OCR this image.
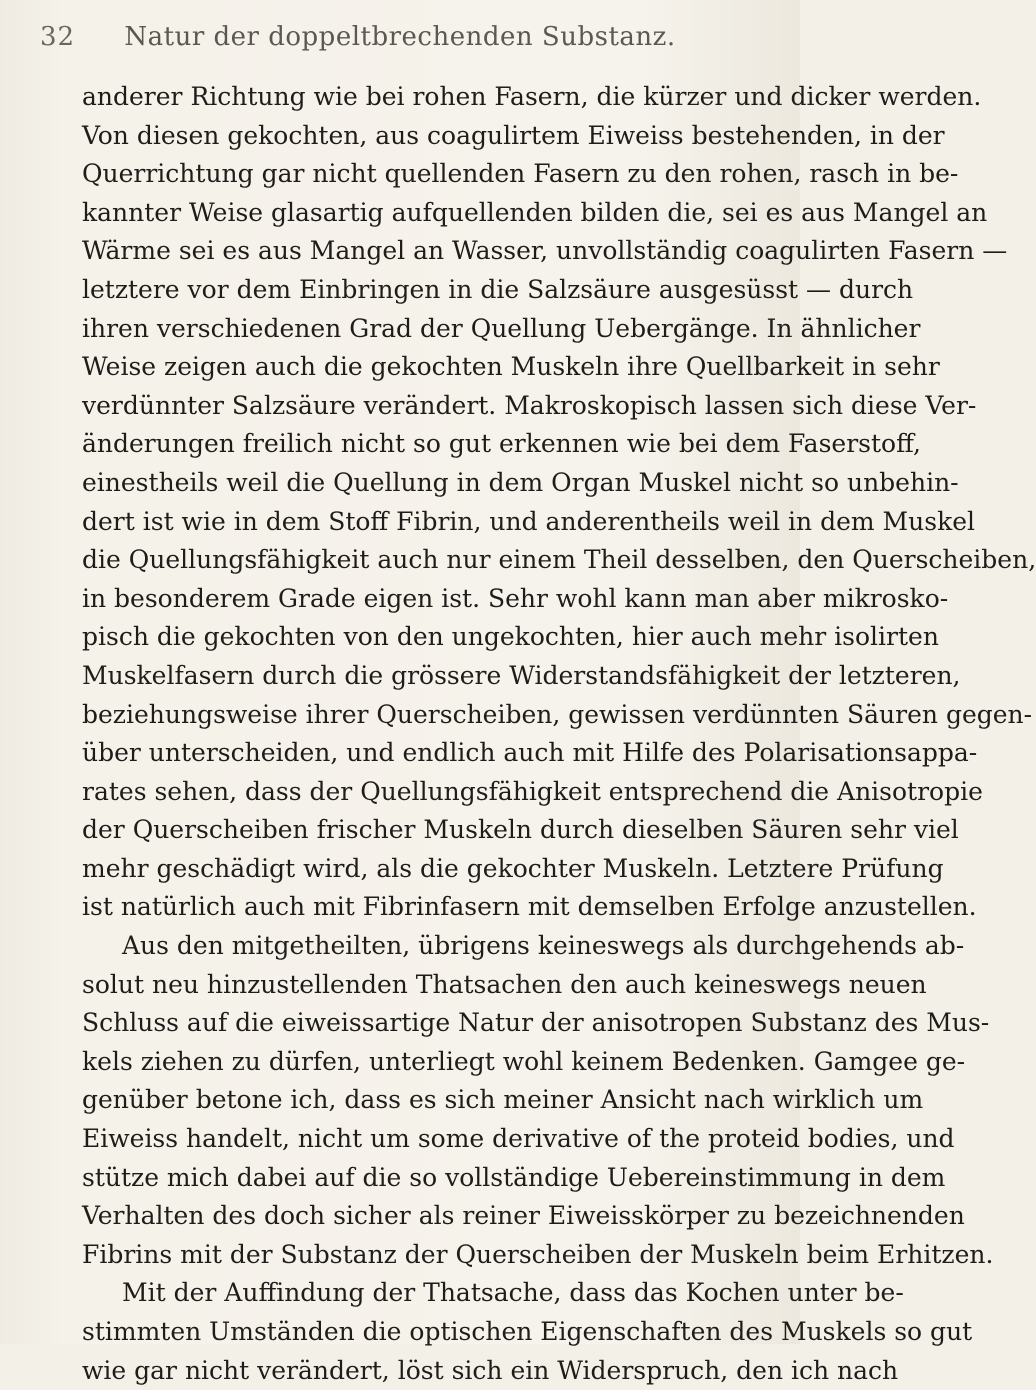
32	Natur der doppeltbrechenden Substanz.
anderer Richtung wie bei rohen Fasern, die kürzer und dicker werden.
Von diesen gekochten, aus coagulirtem Eiweiss bestehenden, in der
Querrichtung gar nicht quellenden Fasern zu den rohen, rasch in be-
kannter Weise glasartig aufquellenden bilden die, sei es aus Mangel an
Wärme sei es aus Mangel an Wasser, unvollständig coagulirten Fasern —
letztere vor dem Einbringen in die Salzsäure ausgesüsst — durch
ihren verschiedenen Grad der Quellung Uebergänge. In ähnlicher
Weise zeigen auch die gekochten Muskeln ihre Quellbarkeit in sehr
verdünnter Salzsäure verändert. Makroskopisch lassen sich diese Ver-
änderungen freilich nicht so gut erkennen wie bei dem Faserstoff,
einestheils weil die Quellung in dem Organ Muskel nicht so unbehin-
dert ist wie in dem Stoff Fibrin, und anderentheils weil in dem Muskel
die Quellungsfähigkeit auch nur einem Theil desselben, den Querscheiben,
in besonderem Grade eigen ist. Sehr wohl kann man aber mikrosko-
pisch die gekochten von den ungekochten, hier auch mehr isolirten
Muskelfasern durch die grössere Widerstandsfähigkeit der letzteren,
beziehungsweise ihrer Querscheiben, gewissen verdünnten Säuren gegen-
über unterscheiden, und endlich auch mit Hilfe des Polarisationsappa-
rates sehen, dass der Quellungsfähigkeit entsprechend die Anisotropie
der Querscheiben frischer Muskeln durch dieselben Säuren sehr viel
mehr geschädigt wird, als die gekochter Muskeln. Letztere Prüfung
ist natürlich auch mit Fibrinfasern mit demselben Erfolge anzustellen.
Aus den mitgetheilten, übrigens keineswegs als durchgehends ab-
solut neu hinzustellenden Thatsachen den auch keineswegs neuen
Schluss auf die eiweissartige Natur der anisotropen Substanz des Mus-
kels ziehen zu dürfen, unterliegt wohl keinem Bedenken. Gamgee ge-
genüber betone ich, dass es sich meiner Ansicht nach wirklich um
Eiweiss handelt, nicht um some derivative of the proteid bodies, und
stütze mich dabei auf die so vollständige Uebereinstimmung in dem
Verhalten des doch sicher als reiner Eiweisskörper zu bezeichnenden
Fibrins mit der Substanz der Querscheiben der Muskeln beim Erhitzen.
Mit der Auffindung der Thatsache, dass das Kochen unter be-
stimmten Umständen die optischen Eigenschaften des Muskels so gut
wie gar nicht verändert, löst sich ein Widerspruch, den ich nach
